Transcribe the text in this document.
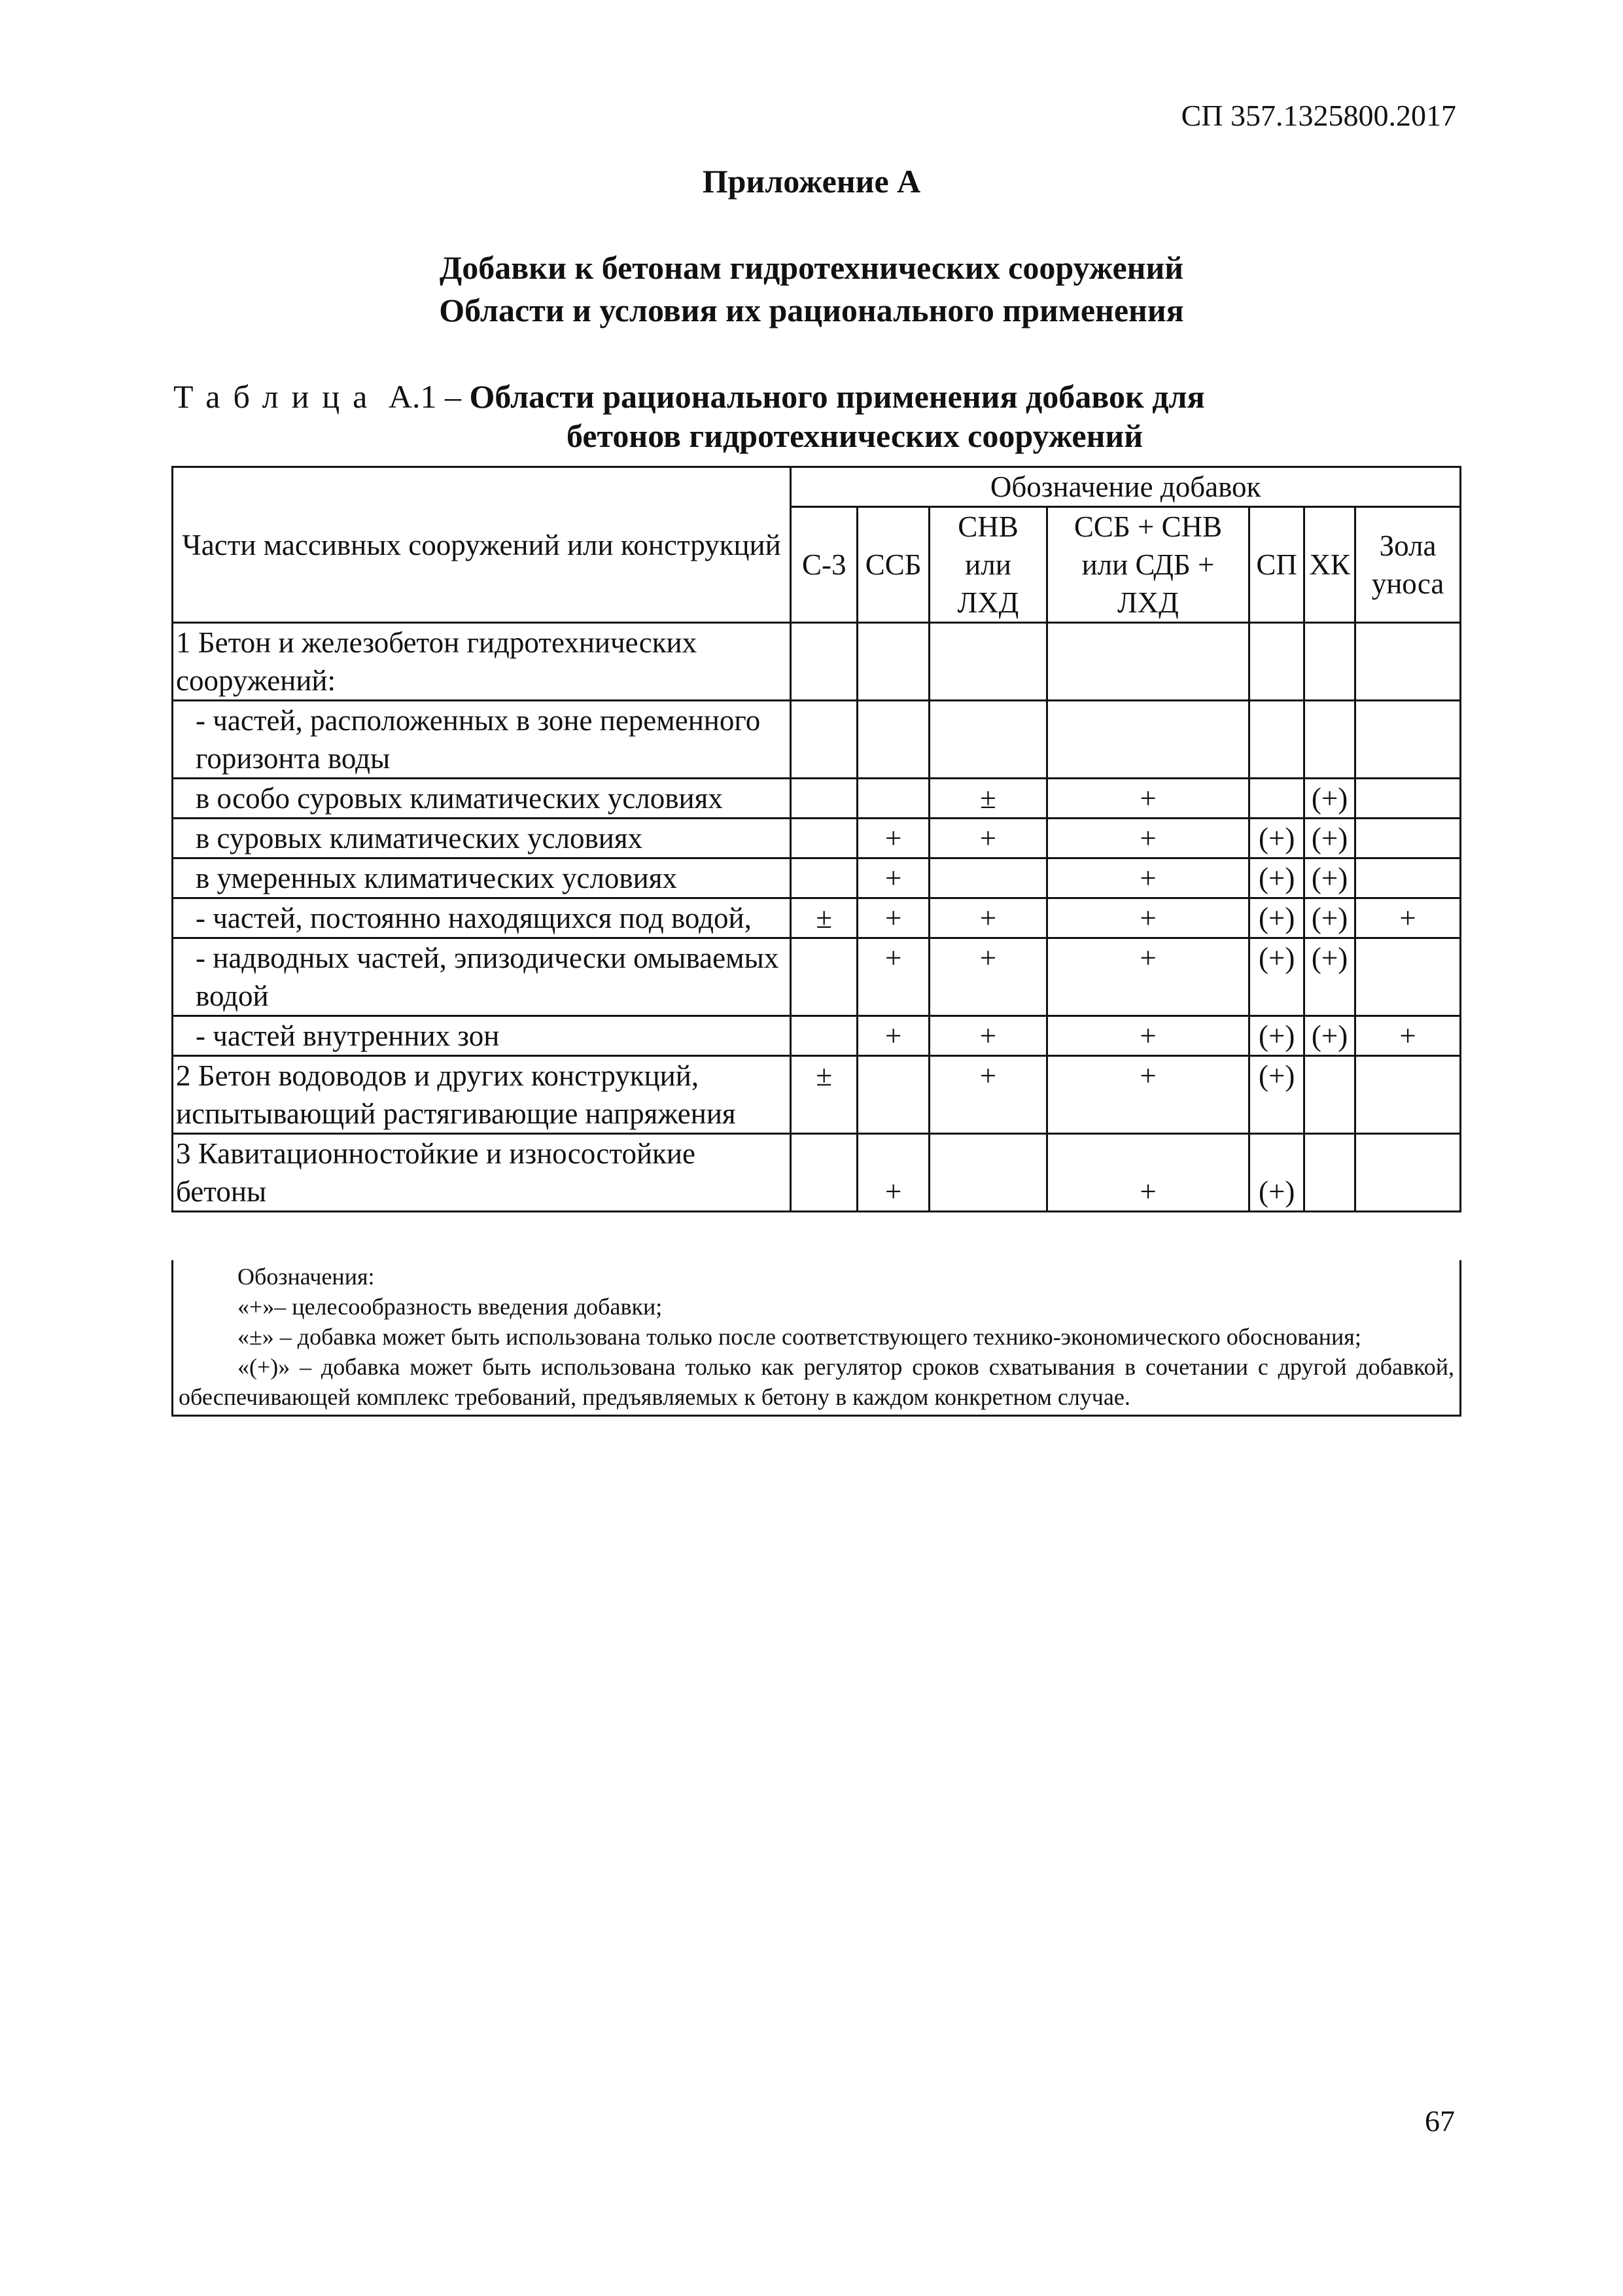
СП 357.1325800.2017
Приложение А
Добавки к бетонам гидротехнических сооружений
Области и условия их рационального применения
Таблица А.1 – Области рационального применения добавок для
бетонов гидротехнических сооружений
Части массивных сооружений или конструкций	Обозначение добавок						
	С-3	ССБ	СНВ или ЛХД	ССБ + СНВ или СДБ + ЛХД	СП	ХК	Зола уноса
1 Бетон и железобетон гидротехнических сооружений:							
- частей, расположенных в зоне переменного горизонта воды							
в особо суровых климатических условиях			±	+		(+)	
в суровых климатических условиях		+	+	+	(+)	(+)	
в умеренных климатических условиях		+		+	(+)	(+)	
- частей, постоянно находящихся под водой,	±	+	+	+	(+)	(+)	+
- надводных частей, эпизодически омываемых водой		+	+	+	(+)	(+)	
- частей внутренних зон		+	+	+	(+)	(+)	+
2 Бетон водоводов и других конструкций, испытывающий растягивающие напряжения	±		+	+	(+)		
3 Кавитационностойкие и износостойкие бетоны		+		+	(+)		

Обозначения:

«+»– целесообразность введения добавки;

«±» – добавка может быть использована только после соответствующего технико-экономического обоснования;

«(+)» – добавка может быть использована только как регулятор сроков схватывания в сочетании с другой добавкой, обеспечивающей комплекс требований, предъявляемых к бетону в каждом конкретном случае.

67
